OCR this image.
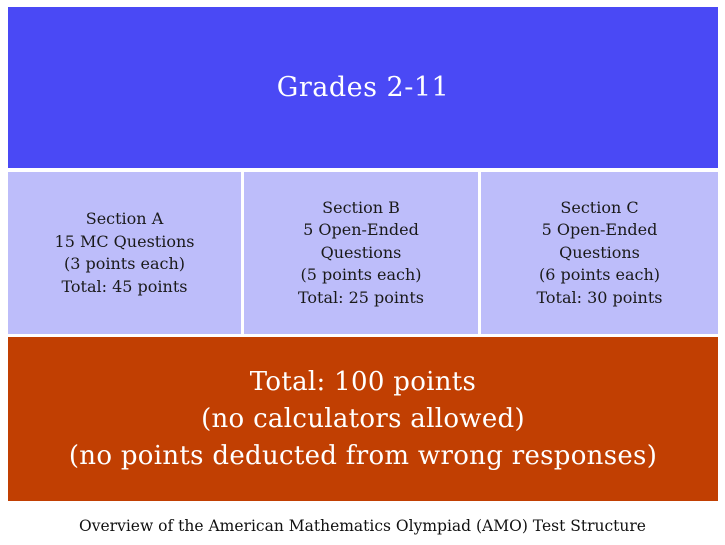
Grades 2-11
Section A
15 MC Questions
(3 points each)
Total: 45 points
Section B
5 Open-Ended
Questions
(5 points each)
Total: 25 points
Section C
5 Open-Ended
Questions
(6 points each)
Total: 30 points
Total: 100 points
(no calculators allowed)
(no points deducted from wrong responses)
Overview of the American Mathematics Olympiad (AMO) Test Structure
